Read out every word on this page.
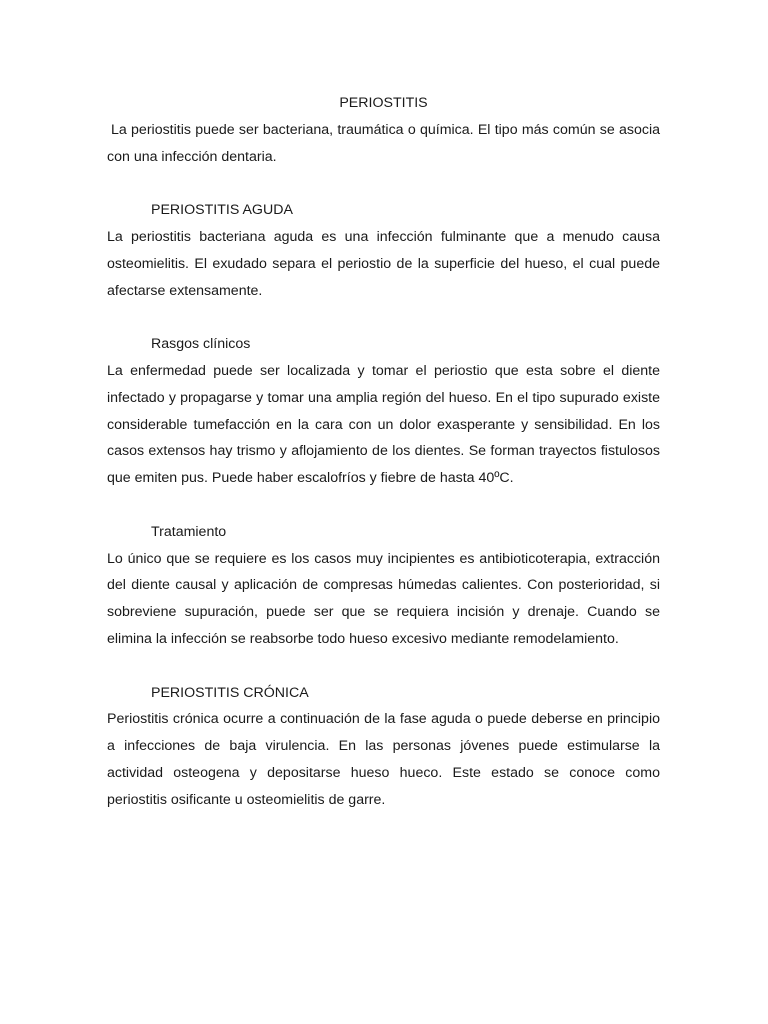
PERIOSTITIS

La periostitis puede ser bacteriana, traumática o química. El tipo más común se asocia con una infección dentaria.

PERIOSTITIS AGUDA

La periostitis bacteriana aguda es una infección fulminante que a menudo causa osteomielitis. El exudado separa el periostio de la superficie del hueso, el cual puede afectarse extensamente.

Rasgos clínicos

La enfermedad puede ser localizada y tomar el periostio que esta sobre el diente infectado y propagarse y tomar una amplia región del hueso. En el tipo supurado existe considerable tumefacción en la cara con un dolor exasperante y sensibilidad. En los casos extensos hay trismo y aflojamiento de los dientes. Se forman trayectos fistulosos que emiten pus. Puede haber escalofríos y fiebre de hasta 40ºC.

Tratamiento

Lo único que se requiere es los casos muy incipientes es antibioticoterapia, extracción del diente causal y aplicación de compresas húmedas calientes. Con posterioridad, si sobreviene supuración, puede ser que se requiera incisión y drenaje. Cuando se elimina la infección se reabsorbe todo hueso excesivo mediante remodelamiento.

PERIOSTITIS CRÓNICA

Periostitis crónica ocurre a continuación de la fase aguda o puede deberse en principio a infecciones de baja virulencia. En las personas jóvenes puede estimularse la actividad osteogena y depositarse hueso hueco. Este estado se conoce como periostitis osificante u osteomielitis de garre.
